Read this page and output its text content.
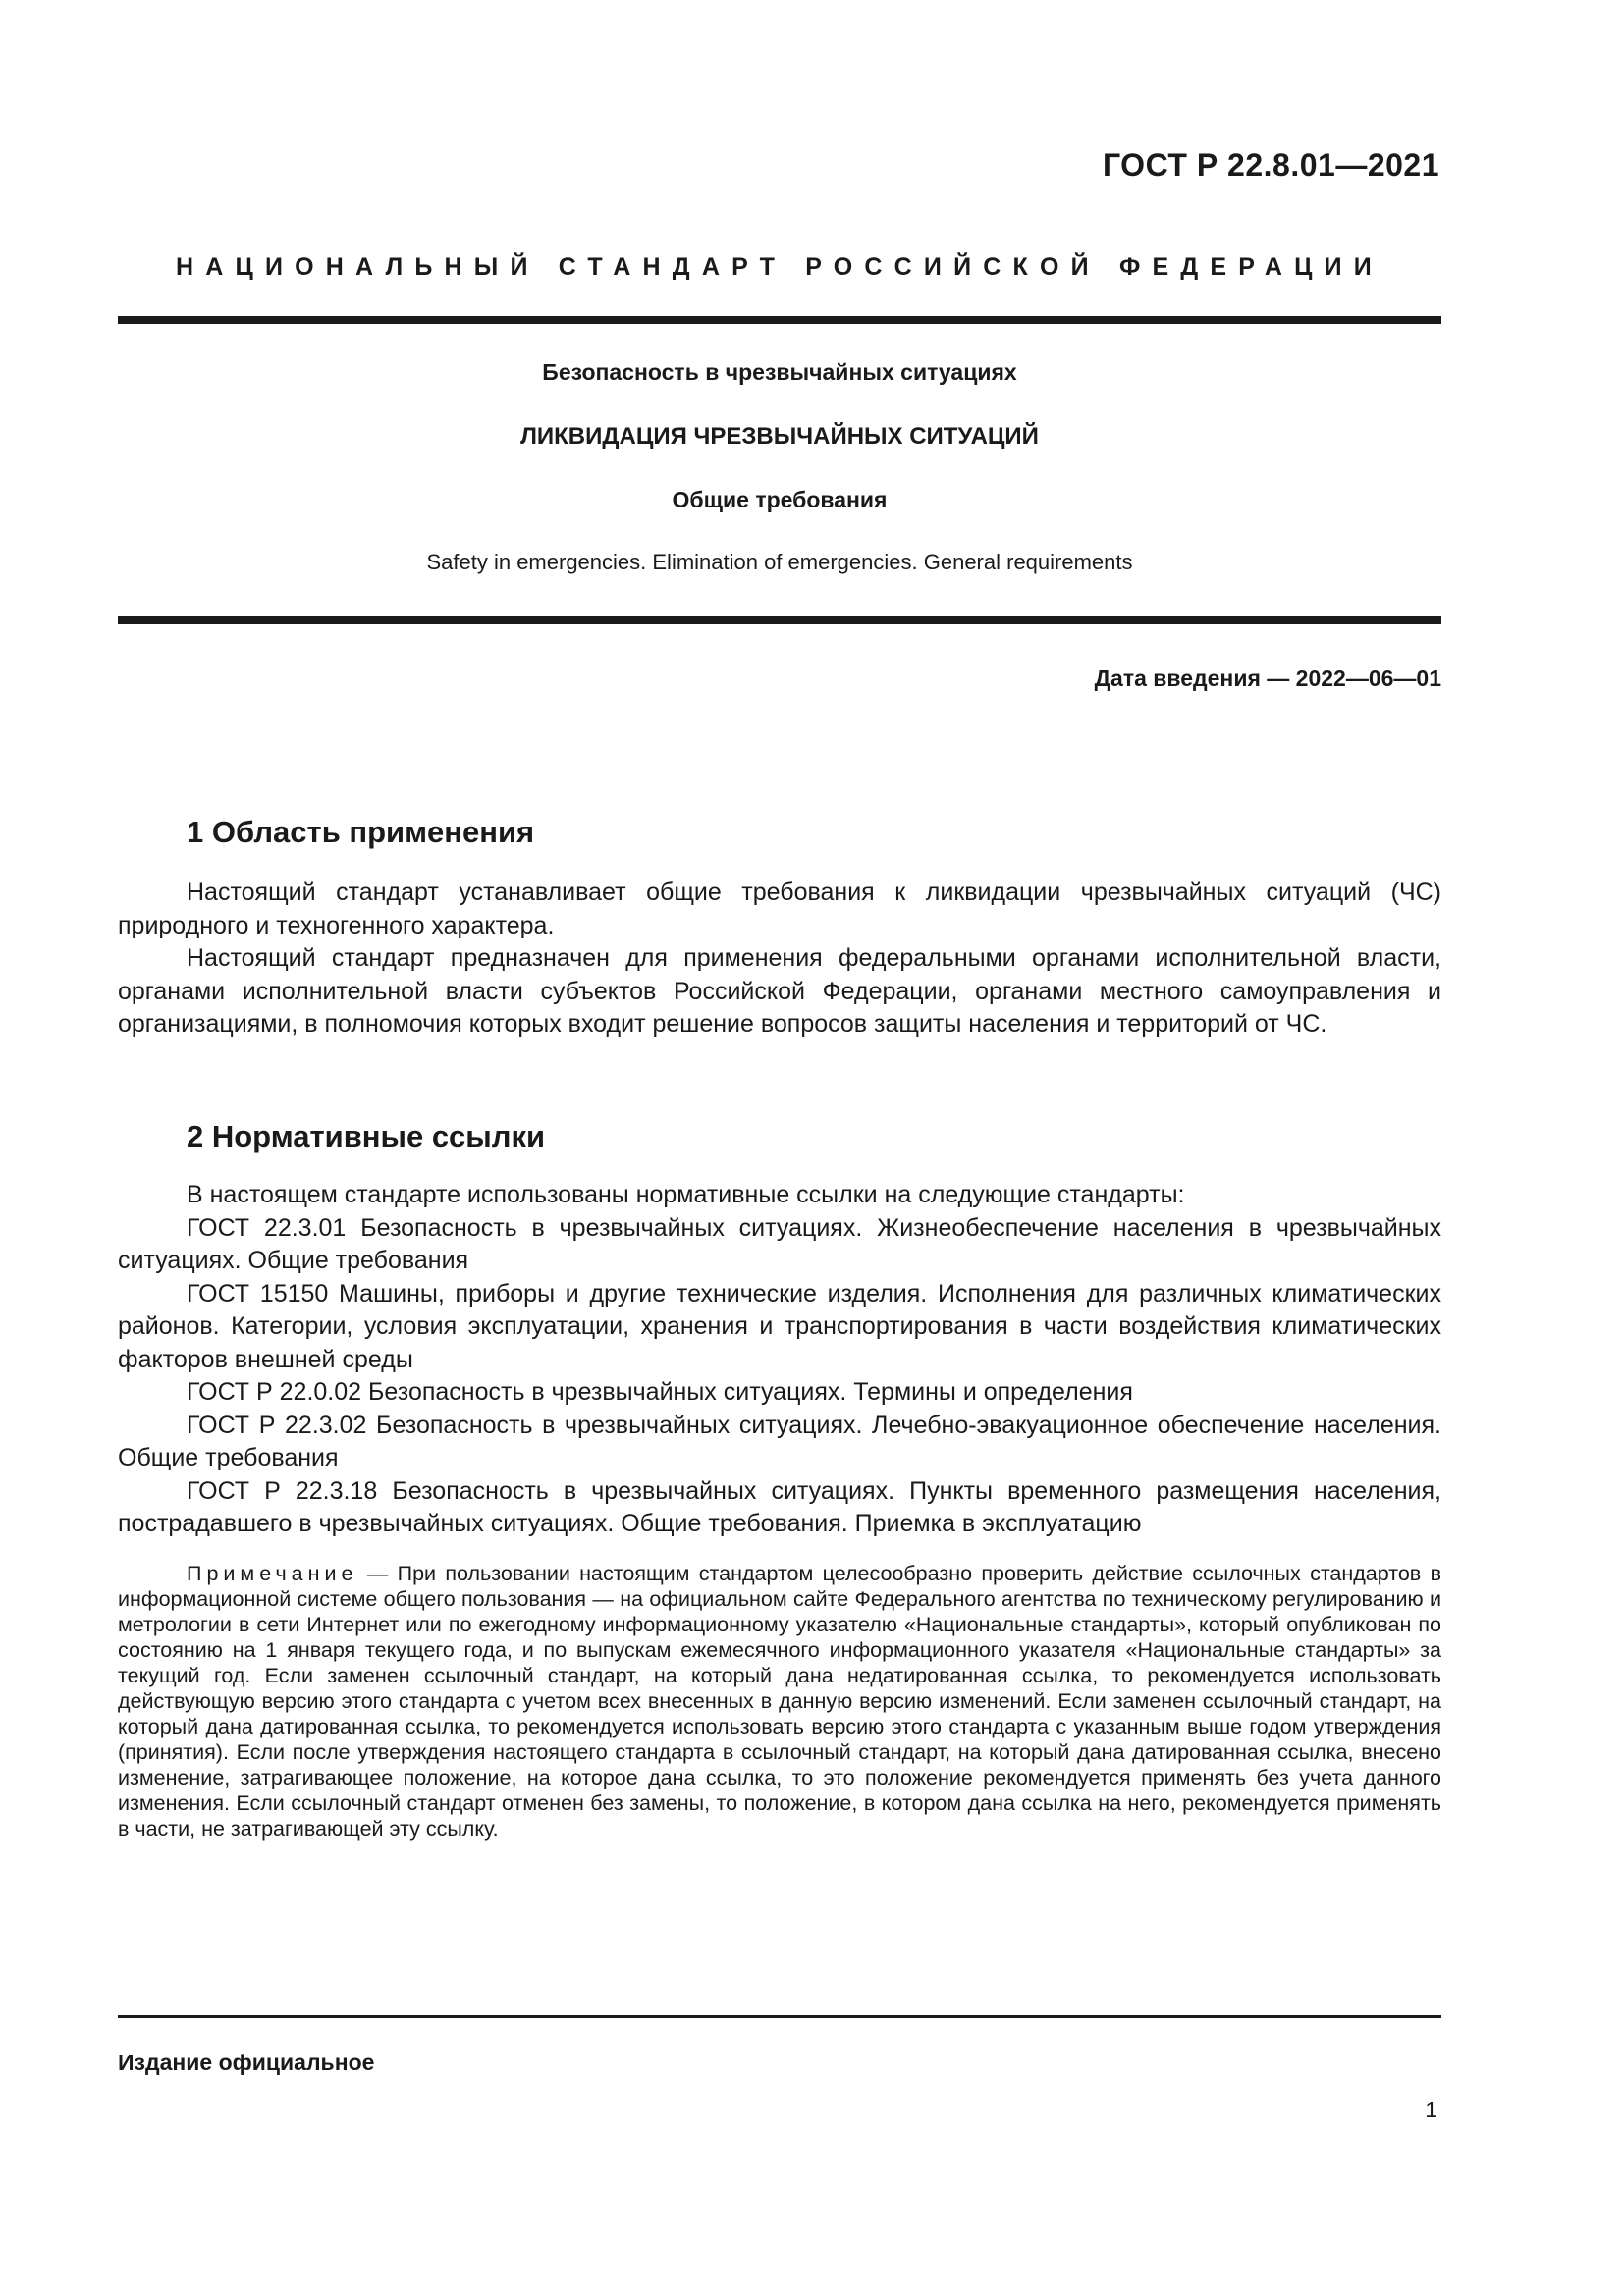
ГОСТ Р 22.8.01—2021
НАЦИОНАЛЬНЫЙ СТАНДАРТ РОССИЙСКОЙ ФЕДЕРАЦИИ
Безопасность в чрезвычайных ситуациях
ЛИКВИДАЦИЯ ЧРЕЗВЫЧАЙНЫХ СИТУАЦИЙ
Общие требования
Safety in emergencies. Elimination of emergencies. General requirements
Дата введения — 2022—06—01
1 Область применения

Настоящий стандарт устанавливает общие требования к ликвидации чрезвычайных ситуаций (ЧС) природного и техногенного характера.

Настоящий стандарт предназначен для применения федеральными органами исполнительной власти, органами исполнительной власти субъектов Российской Федерации, органами местного самоуправления и организациями, в полномочия которых входит решение вопросов защиты населения и территорий от ЧС.

2 Нормативные ссылки

В настоящем стандарте использованы нормативные ссылки на следующие стандарты:

ГОСТ 22.3.01 Безопасность в чрезвычайных ситуациях. Жизнеобеспечение населения в чрезвычайных ситуациях. Общие требования

ГОСТ 15150 Машины, приборы и другие технические изделия. Исполнения для различных климатических районов. Категории, условия эксплуатации, хранения и транспортирования в части воздействия климатических факторов внешней среды

ГОСТ Р 22.0.02 Безопасность в чрезвычайных ситуациях. Термины и определения

ГОСТ Р 22.3.02 Безопасность в чрезвычайных ситуациях. Лечебно-эвакуационное обеспечение населения. Общие требования

ГОСТ Р 22.3.18 Безопасность в чрезвычайных ситуациях. Пункты временного размещения населения, пострадавшего в чрезвычайных ситуациях. Общие требования. Приемка в эксплуатацию

Примечание — При пользовании настоящим стандартом целесообразно проверить действие ссылочных стандартов в информационной системе общего пользования — на официальном сайте Федерального агентства по техническому регулированию и метрологии в сети Интернет или по ежегодному информационному указателю «Национальные стандарты», который опубликован по состоянию на 1 января текущего года, и по выпускам ежемесячного информационного указателя «Национальные стандарты» за текущий год. Если заменен ссылочный стандарт, на который дана недатированная ссылка, то рекомендуется использовать действующую версию этого стандарта с учетом всех внесенных в данную версию изменений. Если заменен ссылочный стандарт, на который дана датированная ссылка, то рекомендуется использовать версию этого стандарта с указанным выше годом утверждения (принятия). Если после утверждения настоящего стандарта в ссылочный стандарт, на который дана датированная ссылка, внесено изменение, затрагивающее положение, на которое дана ссылка, то это положение рекомендуется применять без учета данного изменения. Если ссылочный стандарт отменен без замены, то положение, в котором дана ссылка на него, рекомендуется применять в части, не затрагивающей эту ссылку.

Издание официальное
1
